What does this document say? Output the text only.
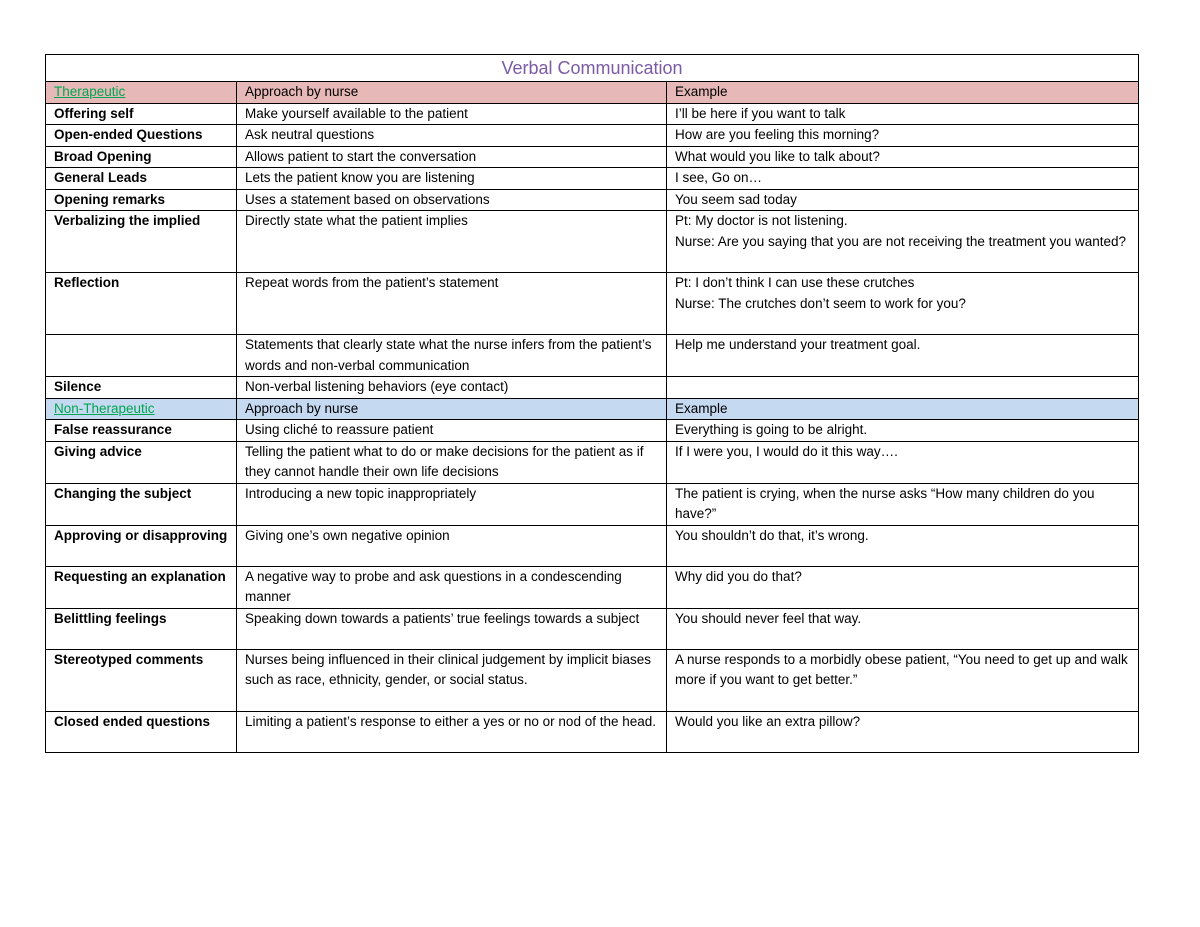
Verbal Communication		
Therapeutic	Approach by nurse	Example
Offering self	Make yourself available to the patient	I’ll be here if you want to talk
Open-ended Questions	Ask neutral questions	How are you feeling this morning?
Broad Opening	Allows patient to start the conversation	What would you like to talk about?
General Leads	Lets the patient know you are listening	I see, Go on…
Opening remarks	Uses a statement based on observations	You seem sad today
Verbalizing the implied	Directly state what the patient implies	Pt: My doctor is not listening.
Nurse: Are you saying that you are not receiving the treatment you wanted?
Reflection	Repeat words from the patient’s statement	Pt: I don’t think I can use these crutches
Nurse: The crutches don’t seem to work for you?
	Statements that clearly state what the nurse infers from the patient’s words and non-verbal communication	Help me understand your treatment goal.
Silence	Non-verbal listening behaviors (eye contact)	
Non-Therapeutic	Approach by nurse	Example
False reassurance	Using cliché to reassure patient	Everything is going to be alright.
Giving advice	Telling the patient what to do or make decisions for the patient as if they cannot handle their own life decisions	If I were you, I would do it this way….
Changing the subject	Introducing a new topic inappropriately	The patient is crying, when the nurse asks “How many children do you have?”
Approving or disapproving	Giving one’s own negative opinion	You shouldn’t do that, it’s wrong.
Requesting an explanation	A negative way to probe and ask questions in a condescending manner	Why did you do that?
Belittling feelings	Speaking down towards a patients’ true feelings towards a subject	You should never feel that way.
Stereotyped comments	Nurses being influenced in their clinical judgement by implicit biases such as race, ethnicity, gender, or social status.	A nurse responds to a morbidly obese patient, “You need to get up and walk more if you want to get better.”
Closed ended questions	Limiting a patient’s response to either a yes or no or nod of the head.	Would you like an extra pillow?
